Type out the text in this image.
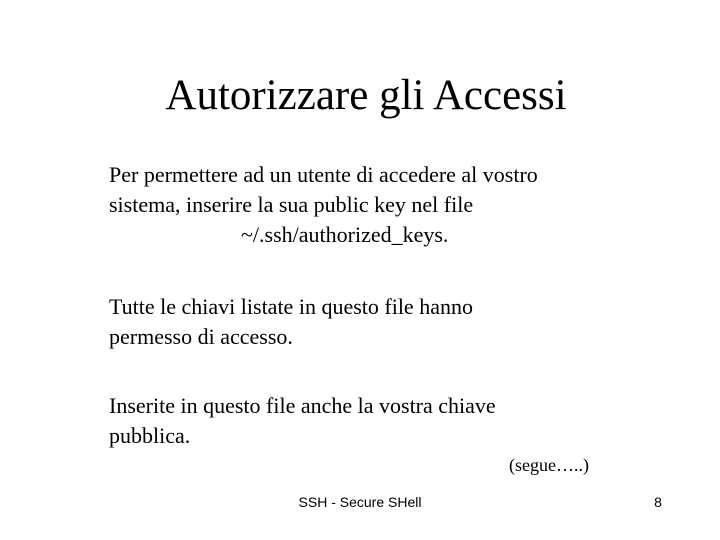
Autorizzare gli Accessi
Per permettere ad un utente di accedere al vostro
sistema, inserire la sua public key nel file
~/.ssh/authorized_keys.
Tutte le chiavi listate in questo file hanno
permesso di accesso.
Inserite in questo file anche la vostra chiave
pubblica.
(segue…..)
SSH - Secure SHell	8
